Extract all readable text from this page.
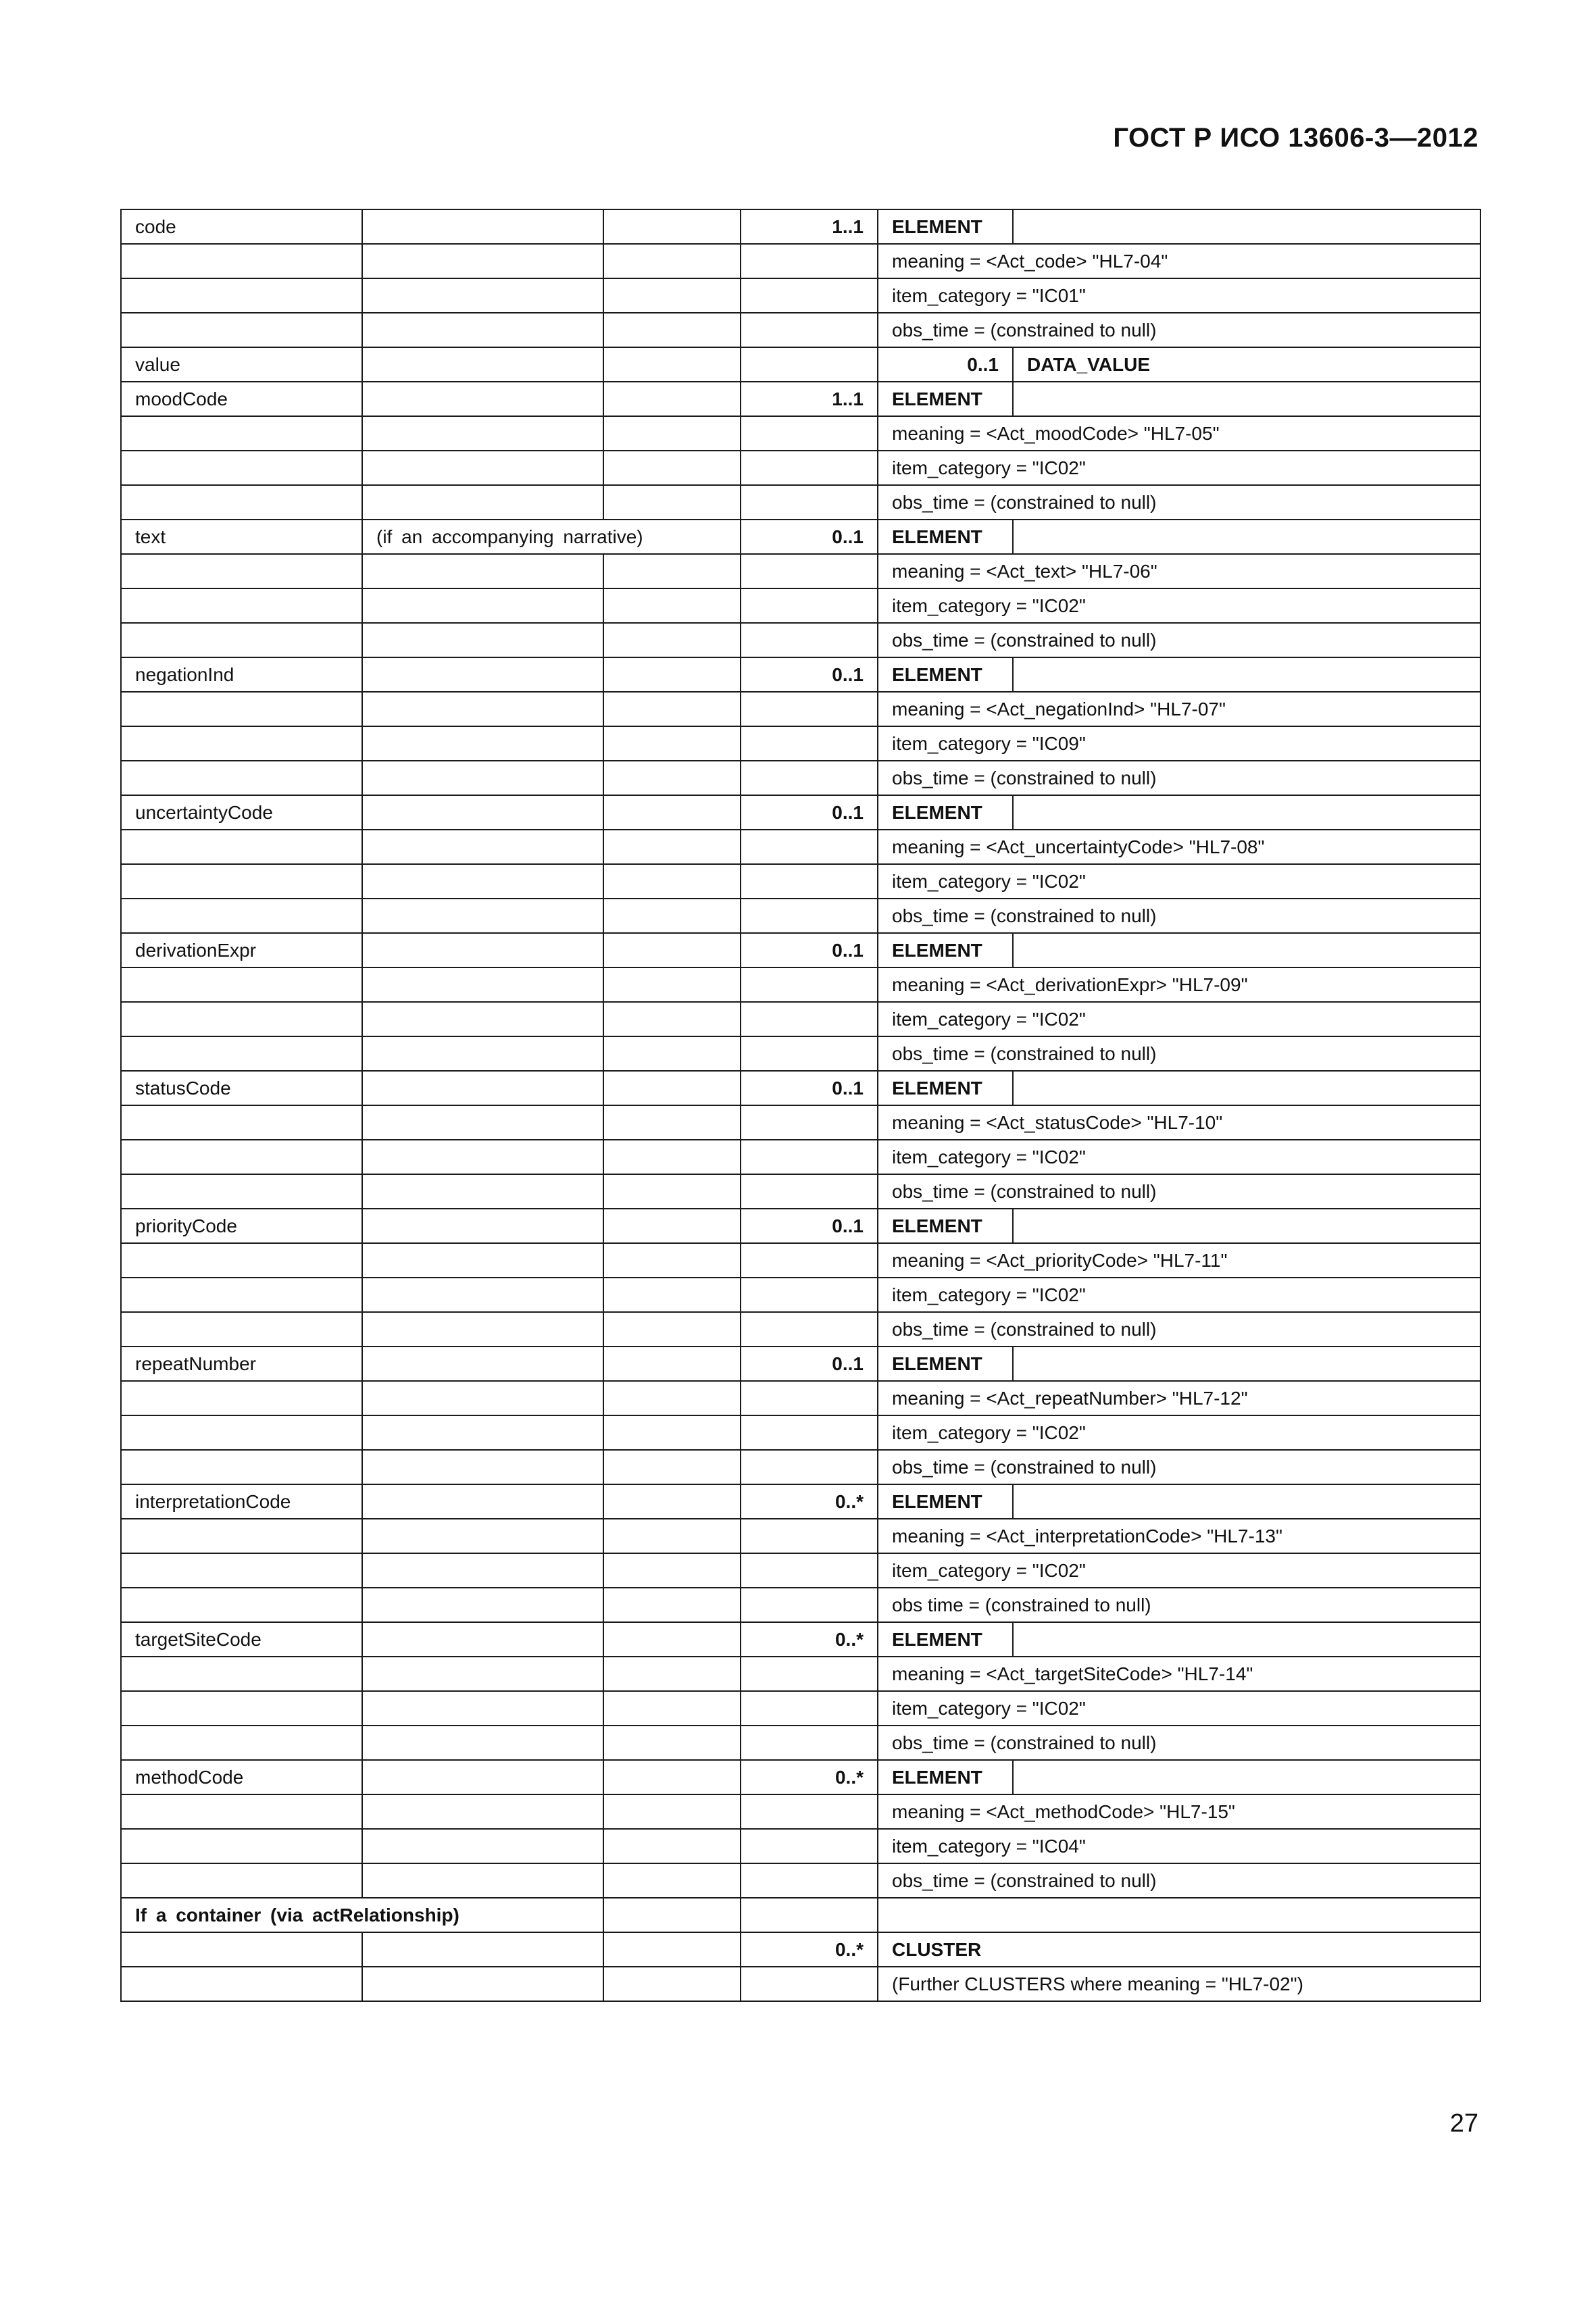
ГОСТ Р ИСО 13606-3—2012
code			1..1	ELEMENT	
				meaning = <Act_code> "HL7-04"	
				item_category = "IC01"	
				obs_time = (constrained to null)	
value				0..1	DATA_VALUE
moodCode			1..1	ELEMENT	
				meaning = <Act_moodCode> "HL7-05"	
				item_category = "IC02"	
				obs_time = (constrained to null)	
text	(if an accompanying narrative)		0..1	ELEMENT	
				meaning = <Act_text> "HL7-06"	
				item_category = "IC02"	
				obs_time = (constrained to null)	
negationInd			0..1	ELEMENT	
				meaning = <Act_negationInd> "HL7-07"	
				item_category = "IC09"	
				obs_time = (constrained to null)	
uncertaintyCode			0..1	ELEMENT	
				meaning = <Act_uncertaintyCode> "HL7-08"	
				item_category = "IC02"	
				obs_time = (constrained to null)	
derivationExpr			0..1	ELEMENT	
				meaning = <Act_derivationExpr> "HL7-09"	
				item_category = "IC02"	
				obs_time = (constrained to null)	
statusCode			0..1	ELEMENT	
				meaning = <Act_statusCode> "HL7-10"	
				item_category = "IC02"	
				obs_time = (constrained to null)	
priorityCode			0..1	ELEMENT	
				meaning = <Act_priorityCode> "HL7-11"	
				item_category = "IC02"	
				obs_time = (constrained to null)	
repeatNumber			0..1	ELEMENT	
				meaning = <Act_repeatNumber> "HL7-12"	
				item_category = "IC02"	
				obs_time = (constrained to null)	
interpretationCode			0..*	ELEMENT	
				meaning = <Act_interpretationCode> "HL7-13"	
				item_category = "IC02"	
				obs time = (constrained to null)	
targetSiteCode			0..*	ELEMENT	
				meaning = <Act_targetSiteCode> "HL7-14"	
				item_category = "IC02"	
				obs_time = (constrained to null)	
methodCode			0..*	ELEMENT	
				meaning = <Act_methodCode> "HL7-15"	
				item_category = "IC04"	
				obs_time = (constrained to null)	
If a container (via actRelationship)					
			0..*	CLUSTER	
				(Further CLUSTERS where meaning = "HL7-02")	
27
